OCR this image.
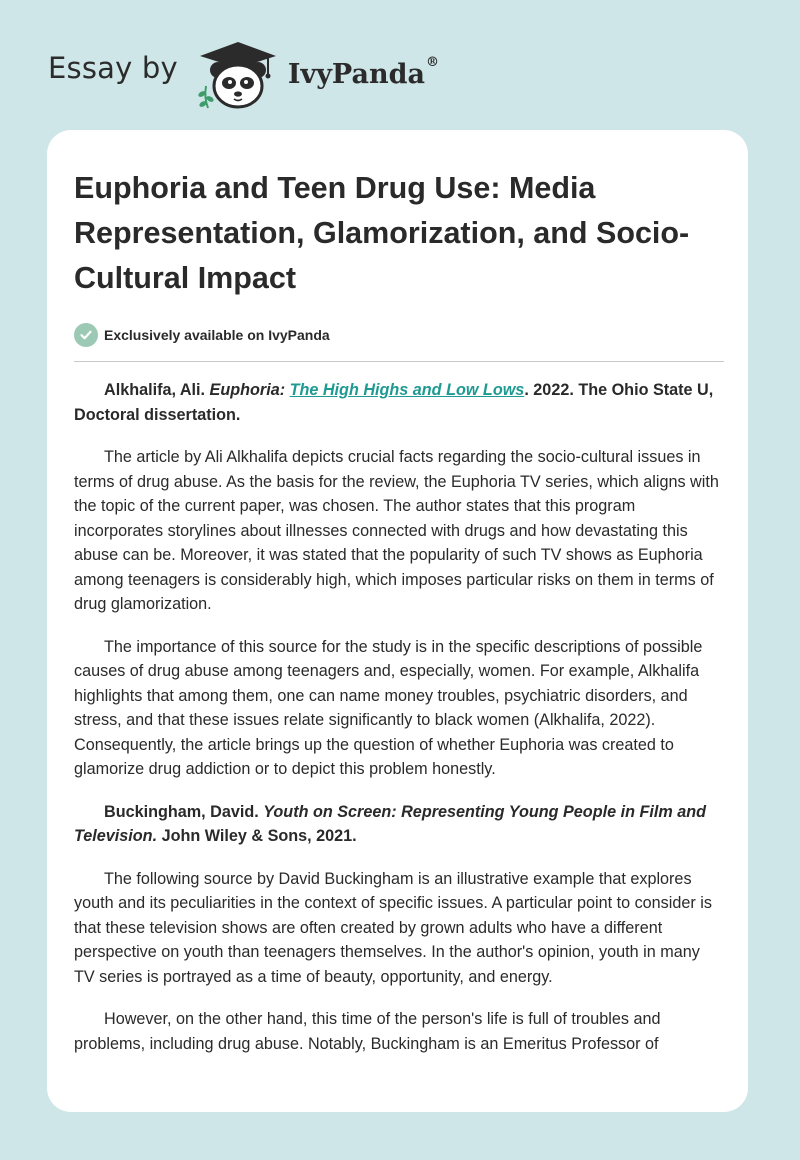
Essay by	IvyPanda®
Euphoria and Teen Drug Use: Media Representation, Glamorization, and Socio-Cultural Impact
Exclusively available on IvyPanda

Alkhalifa, Ali. Euphoria: The High Highs and Low Lows. 2022. The Ohio State U, Doctoral dissertation.

The article by Ali Alkhalifa depicts crucial facts regarding the socio-cultural issues in terms of drug abuse. As the basis for the review, the Euphoria TV series, which aligns with the topic of the current paper, was chosen. The author states that this program incorporates storylines about illnesses connected with drugs and how devastating this abuse can be. Moreover, it was stated that the popularity of such TV shows as Euphoria among teenagers is considerably high, which imposes particular risks on them in terms of drug glamorization.

The importance of this source for the study is in the specific descriptions of possible causes of drug abuse among teenagers and, especially, women. For example, Alkhalifa highlights that among them, one can name money troubles, psychiatric disorders, and stress, and that these issues relate significantly to black women (Alkhalifa, 2022). Consequently, the article brings up the question of whether Euphoria was created to glamorize drug addiction or to depict this problem honestly.

Buckingham, David. Youth on Screen: Representing Young People in Film and Television. John Wiley & Sons, 2021.

The following source by David Buckingham is an illustrative example that explores youth and its peculiarities in the context of specific issues. A particular point to consider is that these television shows are often created by grown adults who have a different perspective on youth than teenagers themselves. In the author's opinion, youth in many TV series is portrayed as a time of beauty, opportunity, and energy.

However, on the other hand, this time of the person's life is full of troubles and problems, including drug abuse. Notably, Buckingham is an Emeritus Professor of
